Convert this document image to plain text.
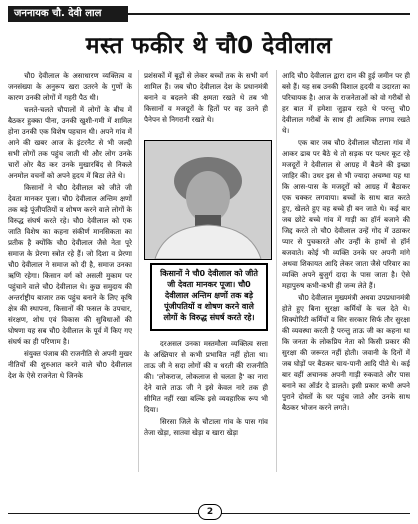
जननायक चौ. देवी लाल
मस्त फकीर थे चौ0 देवीलाल

चौ0 देवीलाल के असाधारण व्यक्तित्व व जनसंख्या के अनुरूप खरा उतरने के गुणों के कारण उनकी लोगों में गहरी पैठ थी।

चलते-चलते चौपालों में लोगों के बीच में बैठकर हुक्का पीना, उनकी खुशी-गमी में शामिल होना उनकी एक विशेष पहचान थी। अपने गांव में आने की खबर आज के इंटरनैट से भी जल्दी सभी लोगों तक पहुंच जाती थी और लोग उनके चारों ओर बैठ कर उनके मुखारबिंद से निकले अनमोल वचनों को अपने हृदय में बिठा लेते थे।

किसानों ने चौ0 देवीलाल को जीते जी देवता मानकर पूजा। चौ0 देवीलाल अन्तिम क्षणों तक बड़े पूंजीपतियों व शोषण करने वाले लोगों के विरुद्ध संघर्ष करते रहे। चौ0 देवीलाल को एक जाति विशेष का कहना संकीर्ण मानसिकता का प्रतीक है क्योंकि चौ0 देवीलाल जैसे नेता पूरे समाज के प्रेरणा स्त्रोत रहे हैं। जो दिशा व प्रेरणा चौ0 देवीलाल ने समाज को दी है, समाज उनका ऋणि रहेगा। किसान वर्ग को असली मुकाम पर पहुंचाने वाले चौ0 देवीलाल थे। कुछ समुदाय की अन्तर्राष्ट्रीय बाजार तक पहुंच बनाने के लिए कृषि क्षेत्र की स्थापना, किसानों की फसल के उपचार, संरक्षण, शोध एवं विकास की सुविधाओं की घोषणा यह सब चौ0 देवीलाल के पूर्व में किए गए संघर्ष का ही परिणाम है।

संयुक्त पंजाब की राजनीति से अपनी मुखर नीतियों की शुरुआत करने वाले चौ0 देवीलाल देश के ऐसे राजनेता थे जिनके

प्रशंसकों में बूढ़ों से लेकर बच्चों तक के सभी वर्ग शामिल हैं। जब चौ0 देवीलाल देश के प्रधानमंत्री बनाने व बदलने की क्षमता रखते थे तब भी किसानों व मजदूरों के हितों पर वह उतने ही पैनेपन से निगरानी रखते थे।

किसानों ने चौ0 देवीलाल को जीते जी देवता मानकर पूजा। चौ0 देवीलाल अन्तिम क्षणों तक बड़े पूंजीपतियों व शोषण करने वाले लोगों के विरुद्ध संघर्ष करते रहे।

दरअसल उनका मस्तमौला व्यक्तित्व सत्ता के अख्तियार से कभी प्रभावित नहीं होता था। ताऊ जी ने सदा लोगों की व धरती की राजनीति की। 'लोकराज, लोकलाज से चलता है' का नारा देने वाले ताऊ जी ने इसे केवल नारे तक ही सीमित नहीं रखा बल्कि इसे व्यवहारिक रूप भी दिया।

सिरसा जिले के चौटाला गांव के पास गांव तेजा खेड़ा, सातवा खेड़ा व खारा खेड़ा

आदि चौ0 देवीलाल द्वारा दान की हुई जमीन पर ही बसे हैं। यह सब उनकी विशाल हृदयी व उदारता का परिचायक है। आज के राजनेताओं को वो गरीबों से हर बात में हमेशा जुड़ाव रहते थे परन्तु चौ0 देवीलाल गरीबों के साथ ही आत्मिक लगाव रखते थे।

एक बार जब चौ0 देवीलाल चौटाला गांव में आकर ढाब पर बैठे थे तो सड़क पर पत्थर कूट रहे मजदूरों ने देवीलाल से आग्रह में बैठने की इच्छा जाहिर की। उधर इस से भी ज्यादा अचम्भा यह था कि आस-पास के मजदूरों को आग्रह में बैठाकर एक चक्कर लगवाया। बच्चों के साथ बात करते हुए, खेलते हुए वह बच्चे ही बन जाते थे। कई बार जब छोटे बच्चे गांव में गाड़ी का हॉर्न बजाने की जिद्द करते तो चौ0 देवीलाल उन्हें गोद में उठाकर प्यार से पुचकारते और उन्हीं के हाथों से हॉर्न बजवाते। कोई भी व्यक्ति उनके घर अपनी मांगे अथवा शिकायत आदि लेकर जाता जैसे परिवार का व्यक्ति अपने बुजुर्ग दादा के पास जाता है। ऐसे महापुरुष कभी-कभी ही जन्म लेते हैं।

चौ0 देवीलाल मुख्यमंत्री अथवा उपप्रधानमंत्री होते हुए बिना सुरक्षा कर्मियों के चल देते थे। सिक्योरिटी कर्मियों व सिर सरकार सिर्फ तौर सुरक्षा की व्यवस्था करती है परन्तु ताऊ जी का कहना था कि जनता के लोकप्रिय नेता को किसी प्रकार की सुरक्षा की जरूरत नहीं होती। जवानी के दिनों में जब घोड़ों पर बैठकर चाय-पानी आदि पीते थे। कई बार वहीं अचानक अपनी गाड़ी रुकवाते और पास बनाने का ऑर्डर दे डालते। इसी प्रकार कभी अपने पुराने दोस्तों के घर पहुंच जाते और उनके साथ बैठकर भोजन करने लगते।

2
